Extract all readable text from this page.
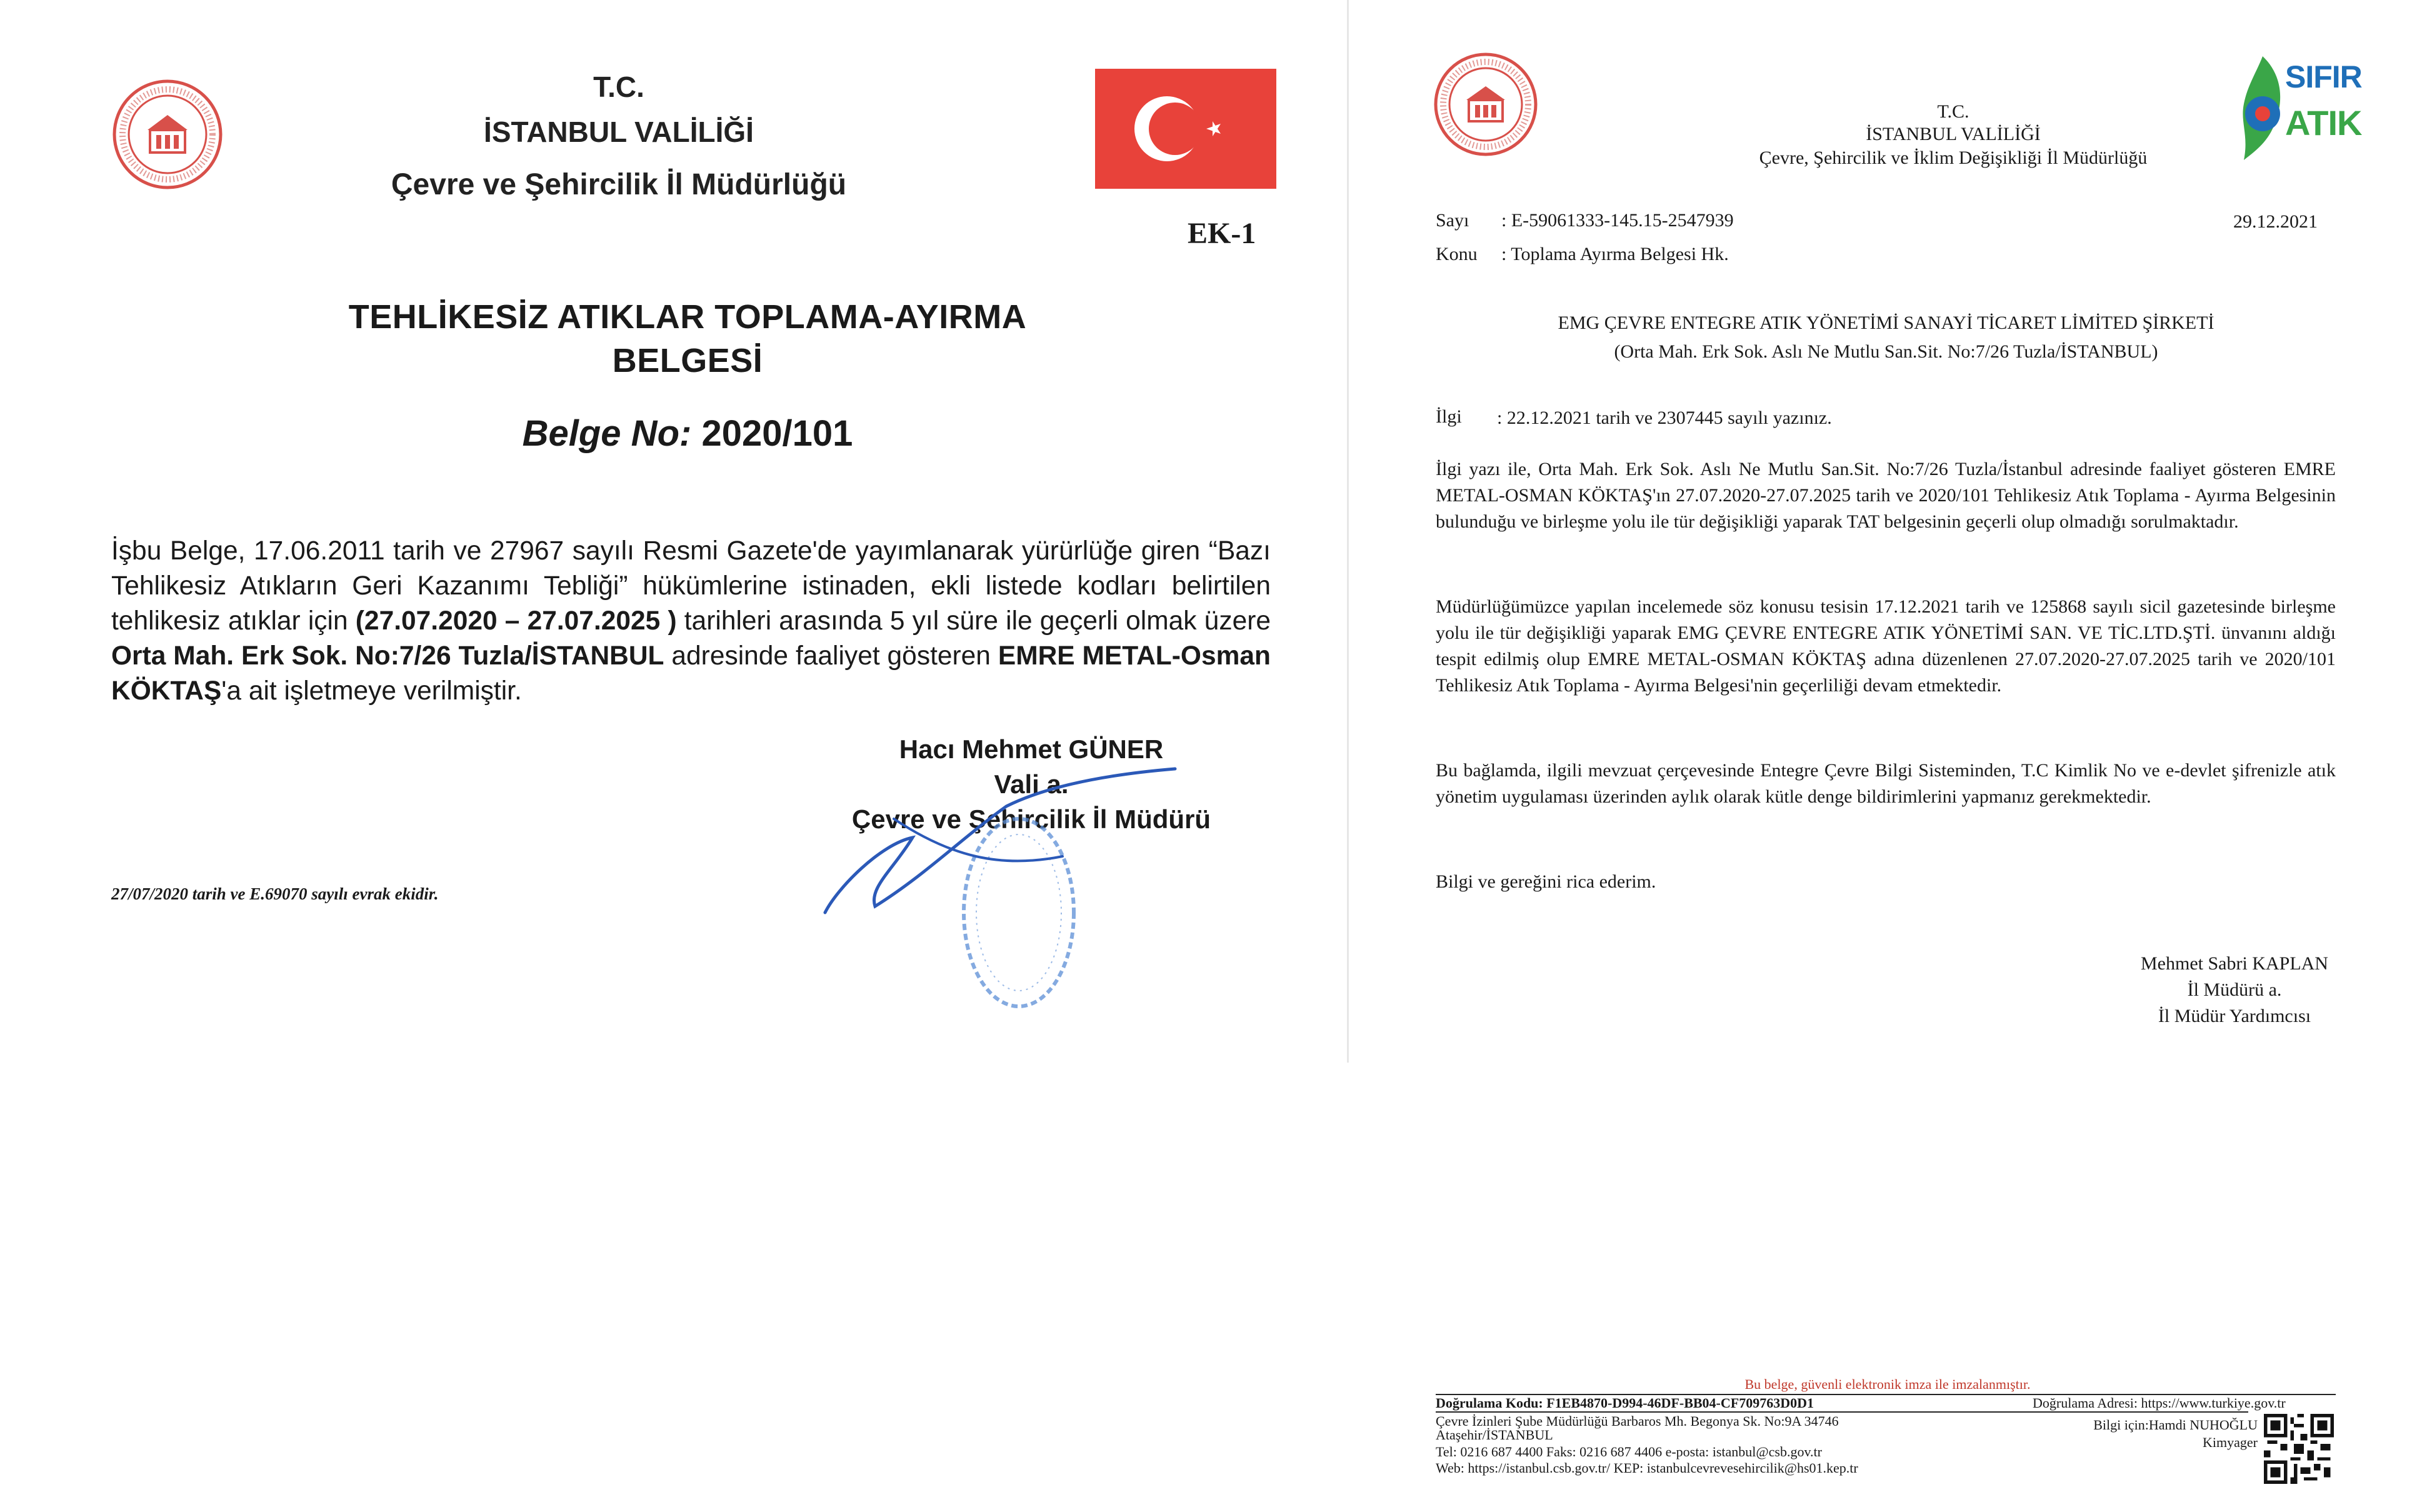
T.C.
İSTANBUL VALİLİĞİ
Çevre ve Şehircilik İl Müdürlüğü
EK-1
TEHLİKESİZ ATIKLAR TOPLAMA-AYIRMA
BELGESİ
Belge No: 2020/101
İşbu Belge, 17.06.2011 tarih ve 27967 sayılı Resmi Gazete'de yayımlanarak yürürlüğe giren “Bazı Tehlikesiz Atıkların Geri Kazanımı Tebliği” hükümlerine istinaden, ekli listede kodları belirtilen tehlikesiz atıklar için (27.07.2020 – 27.07.2025 ) tarihleri arasında 5 yıl süre ile geçerli olmak üzere Orta Mah. Erk Sok. No:7/26 Tuzla/İSTANBUL adresinde faaliyet gösteren EMRE METAL-Osman KÖKTAŞ'a ait işletmeye verilmiştir.
Hacı Mehmet GÜNER
Vali a.
Çevre ve Şehircilik İl Müdürü
27/07/2020 tarih ve E.69070 sayılı evrak ekidir.
T.C.
İSTANBUL VALİLİĞİ
Çevre, Şehircilik ve İklim Değişikliği İl Müdürlüğü
SIFIR
ATIK
Sayı : E-59061333-145.15-2547939	29.12.2021
Konu : Toplama Ayırma Belgesi Hk.
EMG ÇEVRE ENTEGRE ATIK YÖNETİMİ SANAYİ TİCARET LİMİTED ŞİRKETİ
(Orta Mah. Erk Sok. Aslı Ne Mutlu San.Sit. No:7/26 Tuzla/İSTANBUL)
İlgi : 22.12.2021 tarih ve 2307445 sayılı yazınız.
İlgi yazı ile, Orta Mah. Erk Sok. Aslı Ne Mutlu San.Sit. No:7/26 Tuzla/İstanbul adresinde faaliyet gösteren EMRE METAL-OSMAN KÖKTAŞ'ın 27.07.2020-27.07.2025 tarih ve 2020/101 Tehlikesiz Atık Toplama - Ayırma Belgesinin bulunduğu ve birleşme yolu ile tür değişikliği yaparak TAT belgesinin geçerli olup olmadığı sorulmaktadır.
Müdürlüğümüzce yapılan incelemede söz konusu tesisin 17.12.2021 tarih ve 125868 sayılı sicil gazetesinde birleşme yolu ile tür değişikliği yaparak EMG ÇEVRE ENTEGRE ATIK YÖNETİMİ SAN. VE TİC.LTD.ŞTİ. ünvanını aldığı tespit edilmiş olup EMRE METAL-OSMAN KÖKTAŞ adına düzenlenen 27.07.2020-27.07.2025 tarih ve 2020/101 Tehlikesiz Atık Toplama - Ayırma Belgesi'nin geçerliliği devam etmektedir.
Bu bağlamda, ilgili mevzuat çerçevesinde Entegre Çevre Bilgi Sisteminden, T.C Kimlik No ve e-devlet şifrenizle atık yönetim uygulaması üzerinden aylık olarak kütle denge bildirimlerini yapmanız gerekmektedir.
Bilgi ve gereğini rica ederim.
Mehmet Sabri KAPLAN
İl Müdürü a.
İl Müdür Yardımcısı
Bu belge, güvenli elektronik imza ile imzalanmıştır.
Doğrulama Kodu: F1EB4870-D994-46DF-BB04-CF709763D0D1	Doğrulama Adresi: https://www.turkiye.gov.tr
Çevre İzinleri Şube Müdürlüğü Barbaros Mh. Begonya Sk. No:9A 34746
Ataşehir/İSTANBUL
Tel: 0216 687 4400 Faks: 0216 687 4406 e-posta: istanbul@csb.gov.tr
Web: https://istanbul.csb.gov.tr/ KEP: istanbulcevrevesehircilik@hs01.kep.tr
Bilgi için:Hamdi NUHOĞLU
Kimyager
